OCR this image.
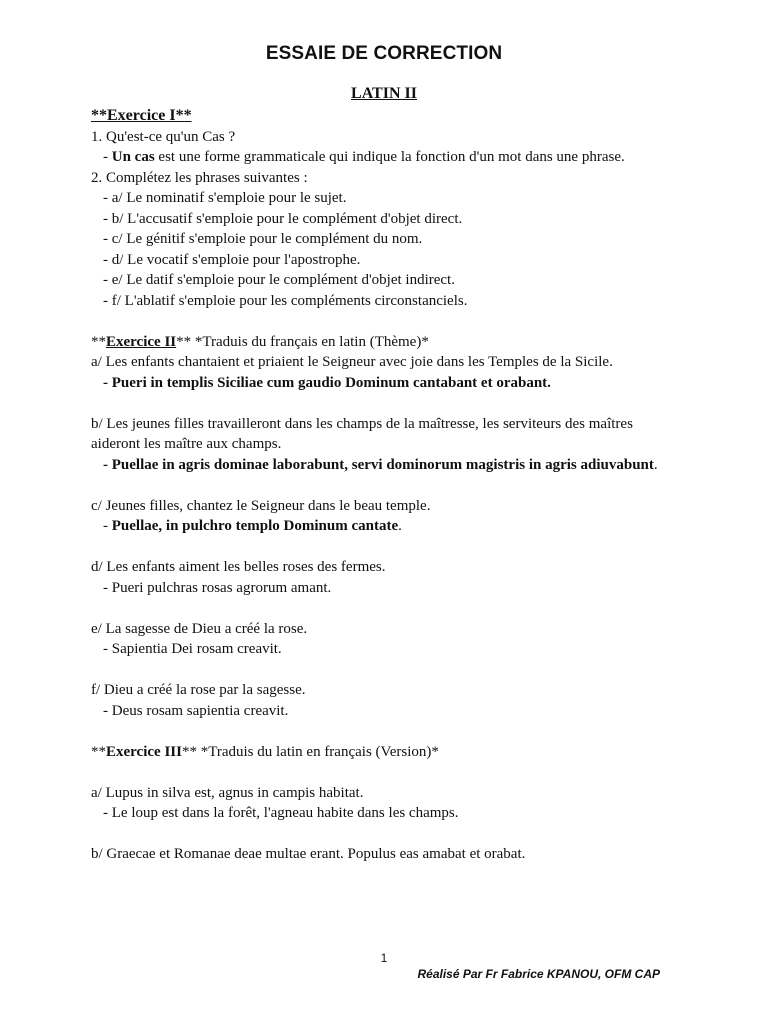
ESSAIE DE CORRECTION
LATIN II
**Exercice I**
1. Qu'est-ce qu'un Cas ?
- Un cas est une forme grammaticale qui indique la fonction d'un mot dans une phrase.
2. Complétez les phrases suivantes :
- a/ Le nominatif s'emploie pour le sujet.
- b/ L'accusatif s'emploie pour le complément d'objet direct.
- c/ Le génitif s'emploie pour le complément du nom.
- d/ Le vocatif s'emploie pour l'apostrophe.
- e/ Le datif s'emploie pour le complément d'objet indirect.
- f/ L'ablatif s'emploie pour les compléments circonstanciels.
**Exercice II** *Traduis du français en latin (Thème)*
a/ Les enfants chantaient et priaient le Seigneur avec joie dans les Temples de la Sicile.
- Pueri in templis Siciliae cum gaudio Dominum cantabant et orabant.
b/ Les jeunes filles travailleront dans les champs de la maîtresse, les serviteurs des maîtres aideront les maître aux champs.
- Puellae in agris dominae laborabunt, servi dominorum magistris in agris adiuvabunt.
c/ Jeunes filles, chantez le Seigneur dans le beau temple.
- Puellae, in pulchro templo Dominum cantate.
d/ Les enfants aiment les belles roses des fermes.
- Pueri pulchras rosas agrorum amant.
e/ La sagesse de Dieu a créé la rose.
- Sapientia Dei rosam creavit.
f/ Dieu a créé la rose par la sagesse.
- Deus rosam sapientia creavit.
**Exercice III** *Traduis du latin en français (Version)*
a/ Lupus in silva est, agnus in campis habitat.
- Le loup est dans la forêt, l'agneau habite dans les champs.
b/ Graecae et Romanae deae multae erant. Populus eas amabat et orabat.
1
Réalisé Par Fr Fabrice KPANOU, OFM CAP
